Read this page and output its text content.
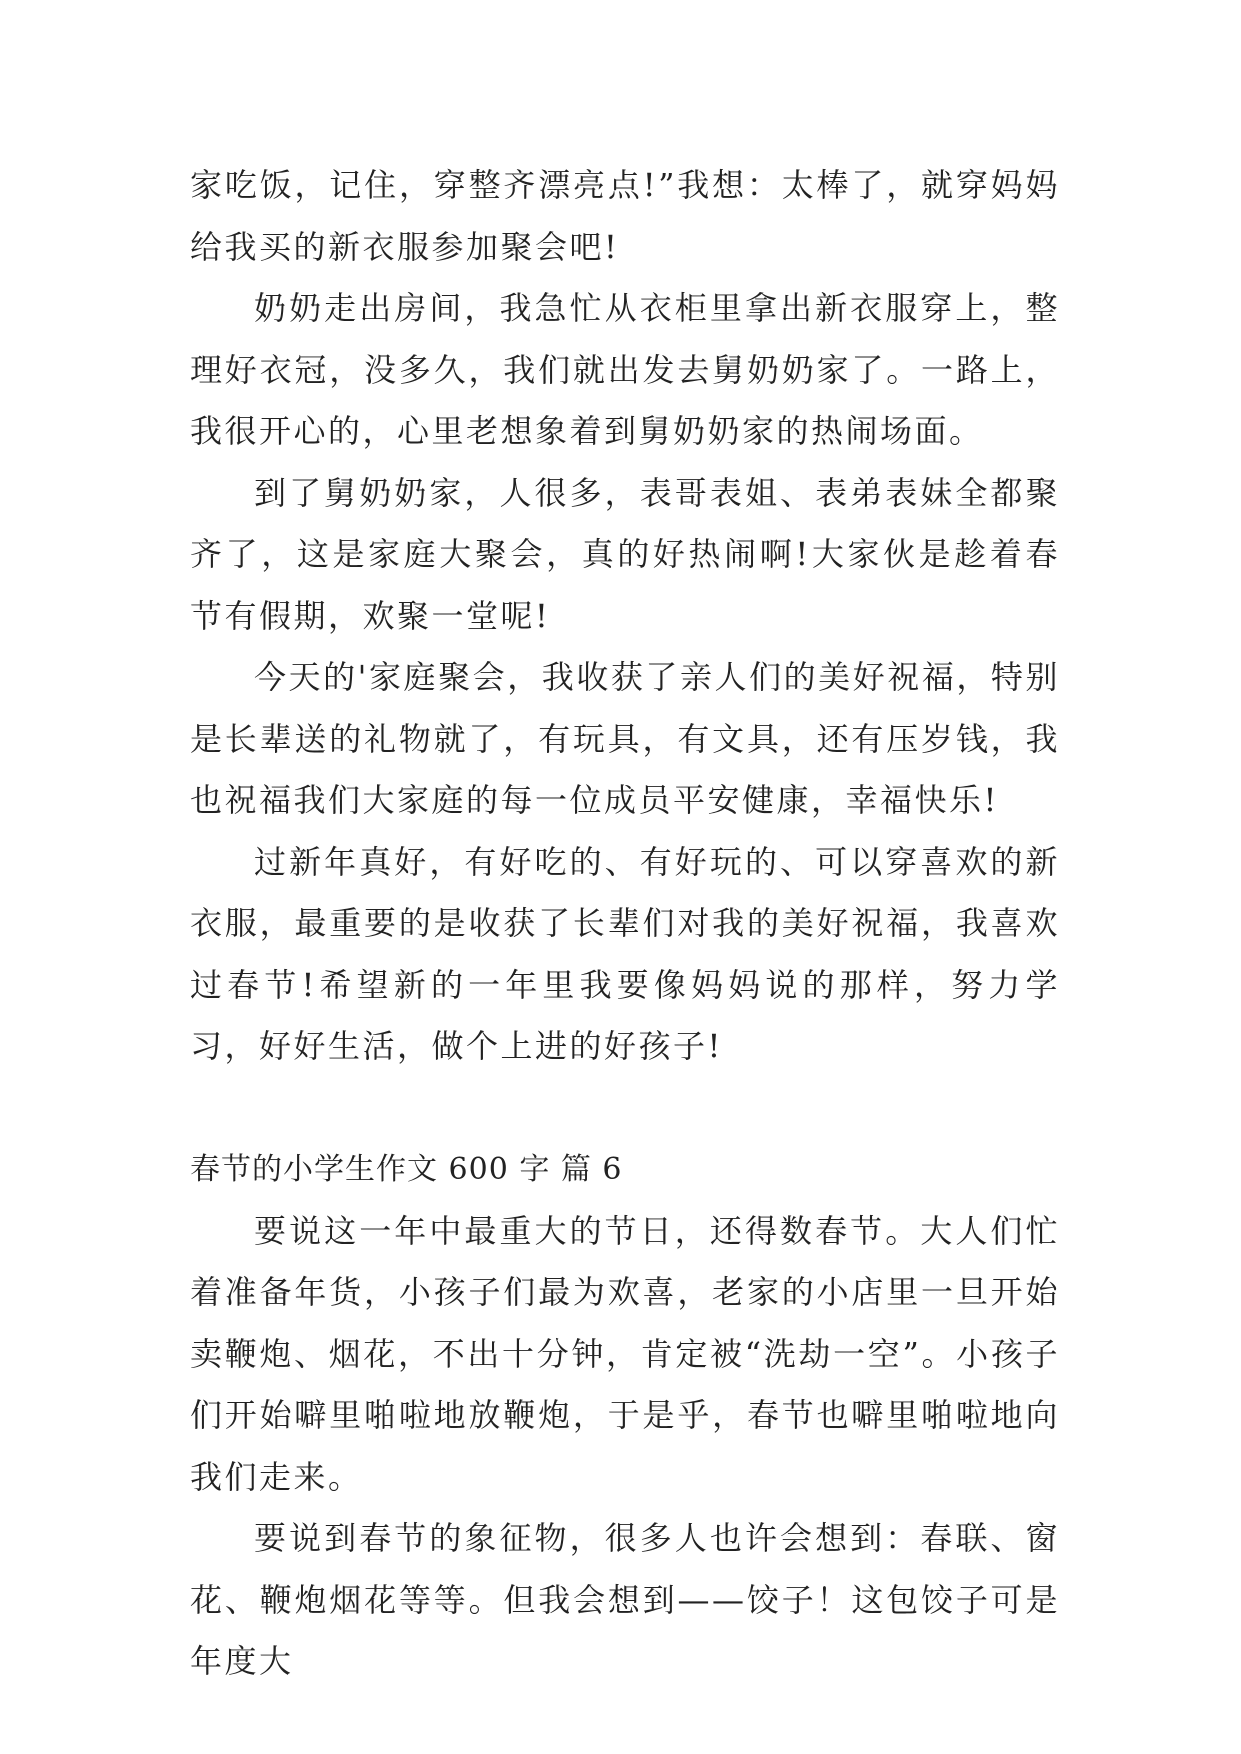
家吃饭，记住，穿整齐漂亮点!”我想：太棒了，就穿妈妈给我买的新衣服参加聚会吧!

奶奶走出房间，我急忙从衣柜里拿出新衣服穿上，整理好衣冠，没多久，我们就出发去舅奶奶家了。一路上，我很开心的，心里老想象着到舅奶奶家的热闹场面。

到了舅奶奶家，人很多，表哥表姐、表弟表妹全都聚齐了，这是家庭大聚会，真的好热闹啊!大家伙是趁着春节有假期，欢聚一堂呢!

今天的'家庭聚会，我收获了亲人们的美好祝福，特别是长辈送的礼物就了，有玩具，有文具，还有压岁钱，我也祝福我们大家庭的每一位成员平安健康，幸福快乐!

过新年真好，有好吃的、有好玩的、可以穿喜欢的新衣服，最重要的是收获了长辈们对我的美好祝福，我喜欢过春节!希望新的一年里我要像妈妈说的那样，努力学习，好好生活，做个上进的好孩子!

春节的小学生作文 600 字 篇 6

要说这一年中最重大的节日，还得数春节。大人们忙着准备年货，小孩子们最为欢喜，老家的小店里一旦开始卖鞭炮、烟花，不出十分钟，肯定被“洗劫一空”。小孩子们开始噼里啪啦地放鞭炮，于是乎，春节也噼里啪啦地向我们走来。

要说到春节的象征物，很多人也许会想到：春联、窗花、鞭炮烟花等等。但我会想到——饺子！这包饺子可是年度大
